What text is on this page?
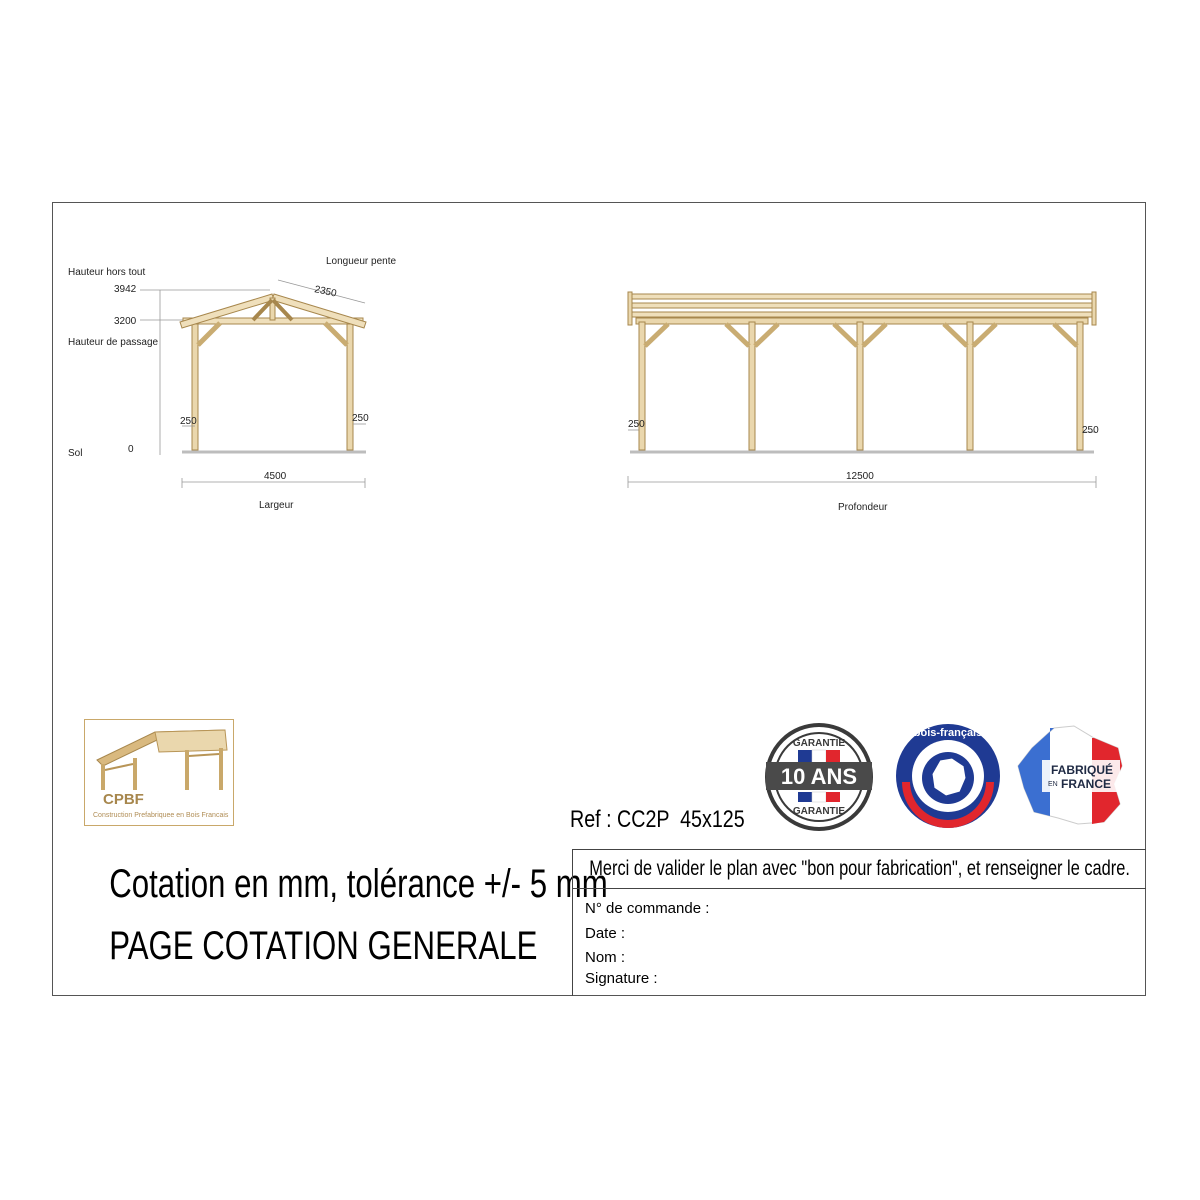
Hauteur hors tout
3942
3200
Hauteur de passage
Longueur pente
2350
250	250
Sol	0
4500
Largeur
250
250
12500
Profondeur
CPBF
Construction Prefabriquee en Bois Francais
10 ANS
GARANTIE
GARANTIE
bois-français
FABRIQUÉ
EN FRANCE
Ref : CC2P  45x125
Cotation en mm, tolérance +/- 5 mm
PAGE COTATION GENERALE
Merci de valider le plan avec "bon pour fabrication", et renseigner le cadre.
N° de commande :
Date :
Nom :
Signature :
